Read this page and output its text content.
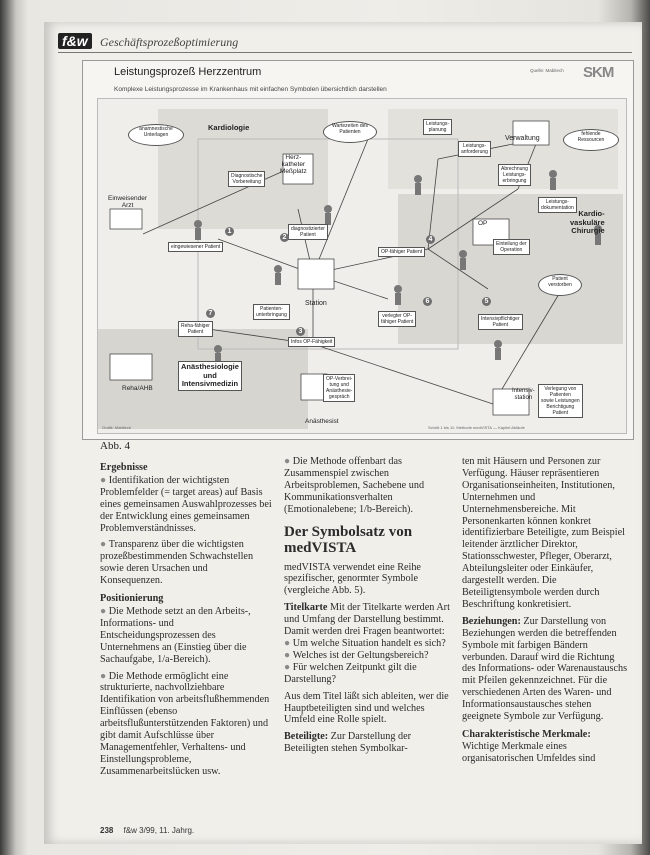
f&w	Geschäftsprozeßoptimierung
Leistungsprozeß Herzzentrum
Komplexe Leistungsprozesse im Krankenhaus mit einfachen Symbolen übersichtlich darstellen
Quelle: Mabitech SKM
anamnestische
Unterlagen
Kardiologie	Wartezeiten des
Patienten
Leistungs-
planung
Leistungs-
anforderung
Verwaltung
fehlende
Ressourcen
Herz-
katheter
Meßplatz
Diagnostische
Vorbereitung
Einweisender
Arzt
Abrechnung
Leistungs-
erbringung
Kardio-
vaskuläre
Chirurgie
eingewiesener Patient
diagnostizierter
Patient
OP-fähiger Patient
OP
Einteilung der
Operation
Patienten-
unterbringung
Station
Reha-fähiger
Patient
Infos OP-Fähigkeit
verlegter OP-
fähiger Patient	Intensivpflichtiger
Patient
Patient
verstorben
Reha/AHB
Anästhesiologie
und
Intensivmedizin	OP-Verbrei-
tung und
Anästhesie-
gespräch
Anästhesist
Intensiv-
station
Verlegung von
Patienten
sowie Leistungen
Berichtigung
Patient
Leistungs-
dokumentation
1
2
3
4
5
6
7
Grafik: Mabitech	Schritt 1 bis 11: Methode medVISTA — Kapitel Abläufe
Abb. 4

Ergebnisse

● Identifikation der wichtigsten Problemfelder (= target areas) auf Basis eines gemeinsamen Auswahlprozesses bei der Entwicklung eines gemeinsamen Problemverständnisses.

● Transparenz über die wichtigsten prozeßbestimmenden Schwachstellen sowie deren Ursachen und Konsequenzen.

Positionierung

● Die Methode setzt an den Arbeits-, Informations- und Entscheidungsprozessen des Unternehmens an (Einstieg über die Sachaufgabe, 1/a-Bereich).

● Die Methode ermöglicht eine strukturierte, nachvollziehbare Identifikation von arbeitsflußhemmenden Einflüssen (ebenso arbeitsflußunterstützenden Faktoren) und gibt damit Aufschlüsse über Managementfehler, Verhaltens- und Einstellungsprobleme, Zusammenarbeitslücken usw.

● Die Methode offenbart das Zusammenspiel zwischen Arbeitsproblemen, Sachebene und Kommunikationsverhalten (Emotionalebene; 1/b-Bereich).

Der Symbolsatz von
medVISTA

medVISTA verwendet eine Reihe spezifischer, genormter Symbole (vergleiche Abb. 5).

Titelkarte Mit der Titelkarte werden Art und Umfang der Darstellung bestimmt. Damit werden drei Fragen beantwortet:

● Um welche Situation handelt es sich?

● Welches ist der Geltungsbereich?

● Für welchen Zeitpunkt gilt die Darstellung?

Aus dem Titel läßt sich ableiten, wer die Hauptbeteiligten sind und welches Umfeld eine Rolle spielt.

Beteiligte: Zur Darstellung der Beteiligten stehen Symbolkar-

ten mit Häusern und Personen zur Verfügung. Häuser repräsentieren Organisationseinheiten, Institutionen, Unternehmen und Unternehmensbereiche. Mit Personenkarten können konkret identifizierbare Beteiligte, zum Beispiel leitender ärztlicher Direktor, Stationsschwester, Pfleger, Oberarzt, Abteilungsleiter oder Einkäufer, dargestellt werden. Die Beteiligtensymbole werden durch Beschriftung konkretisiert.

Beziehungen: Zur Darstellung von Beziehungen werden die betreffenden Symbole mit farbigen Bändern verbunden. Darauf wird die Richtung des Informations- oder Warenaustauschs mit Pfeilen gekennzeichnet. Für die verschiedenen Arten des Waren- und Informationsaustausches stehen geeignete Symbole zur Verfügung.

Charakteristische Merkmale:

Wichtige Merkmale eines organisatorischen Umfeldes sind

238 f&w 3/99, 11. Jahrg.
